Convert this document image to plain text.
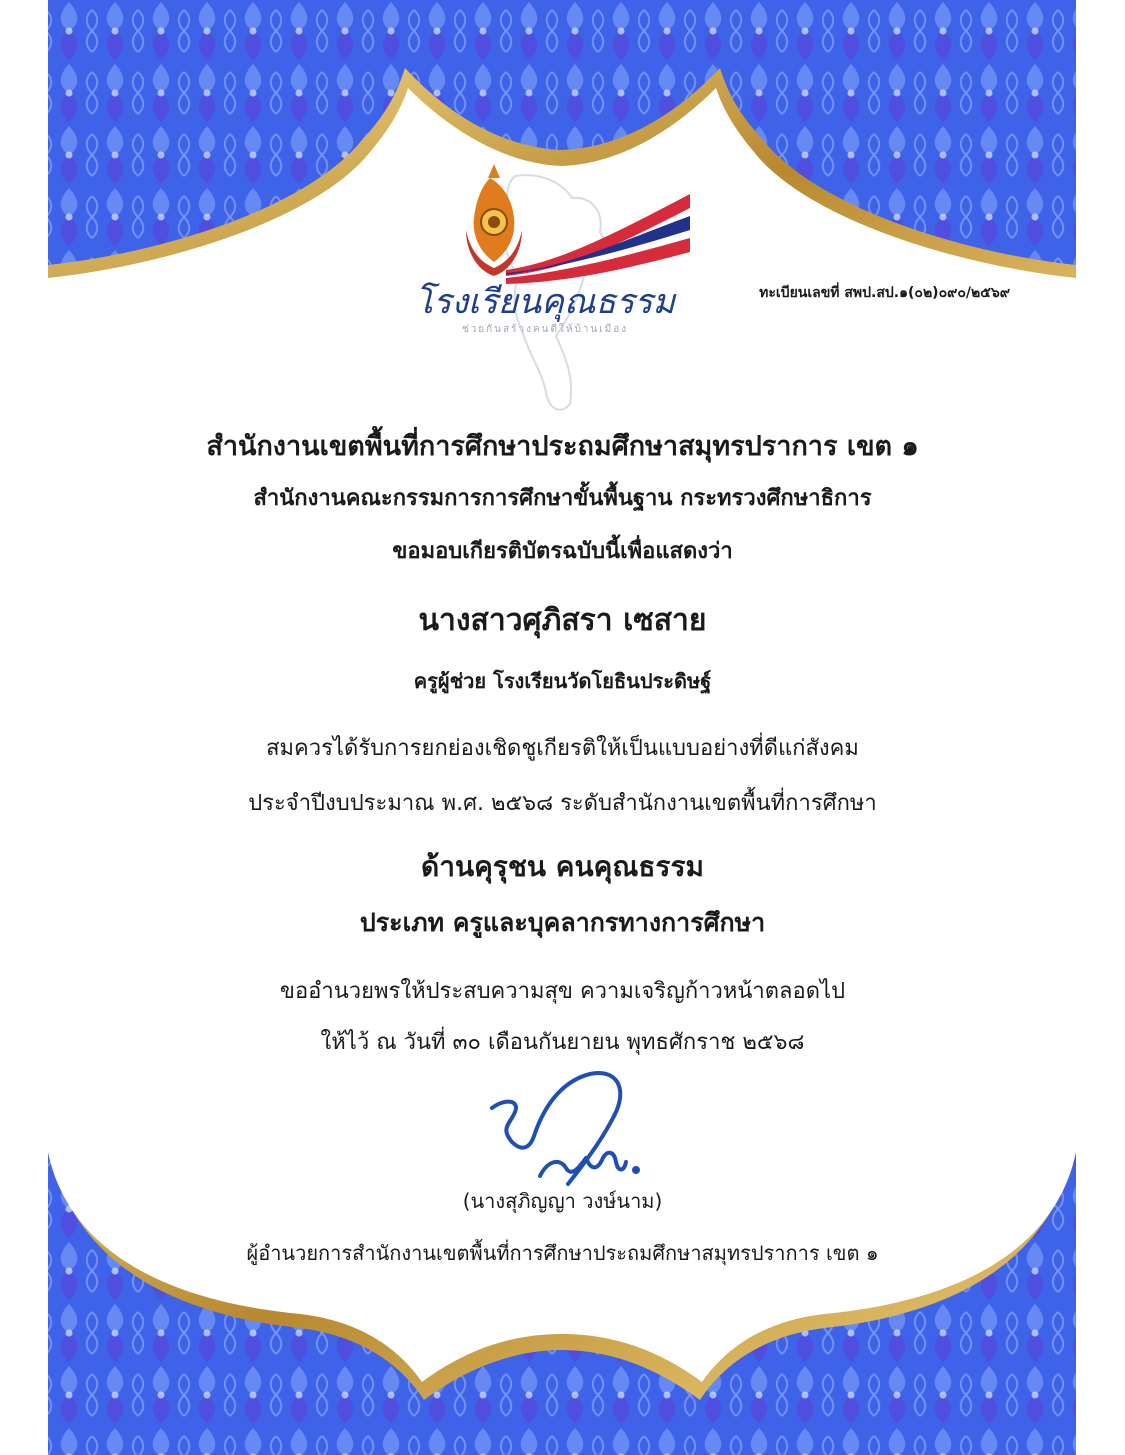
โรงเรียนคุณธรรม
ช่วยกันสร้างคนดีให้บ้านเมือง
ทะเบียนเลขที่ สพป.สป.๑(๐๒)๐๙๐/๒๕๖๙
สำนักงานเขตพื้นที่การศึกษาประถมศึกษาสมุทรปราการ เขต ๑
สำนักงานคณะกรรมการการศึกษาขั้นพื้นฐาน กระทรวงศึกษาธิการ
ขอมอบเกียรติบัตรฉบับนี้เพื่อแสดงว่า
นางสาวศุภิสรา เซสาย
ครูผู้ช่วย โรงเรียนวัดโยธินประดิษฐ์
สมควรได้รับการยกย่องเชิดชูเกียรติให้เป็นแบบอย่างที่ดีแก่สังคม
ประจำปีงบประมาณ พ.ศ. ๒๕๖๘ ระดับสำนักงานเขตพื้นที่การศึกษา
ด้านคุรุชน คนคุณธรรม
ประเภท ครูและบุคลากรทางการศึกษา
ขออำนวยพรให้ประสบความสุข ความเจริญก้าวหน้าตลอดไป
ให้ไว้ ณ วันที่ ๓๐ เดือนกันยายน พุทธศักราช ๒๕๖๘
(นางสุภิญญา วงษ์นาม)
ผู้อำนวยการสำนักงานเขตพื้นที่การศึกษาประถมศึกษาสมุทรปราการ เขต ๑
